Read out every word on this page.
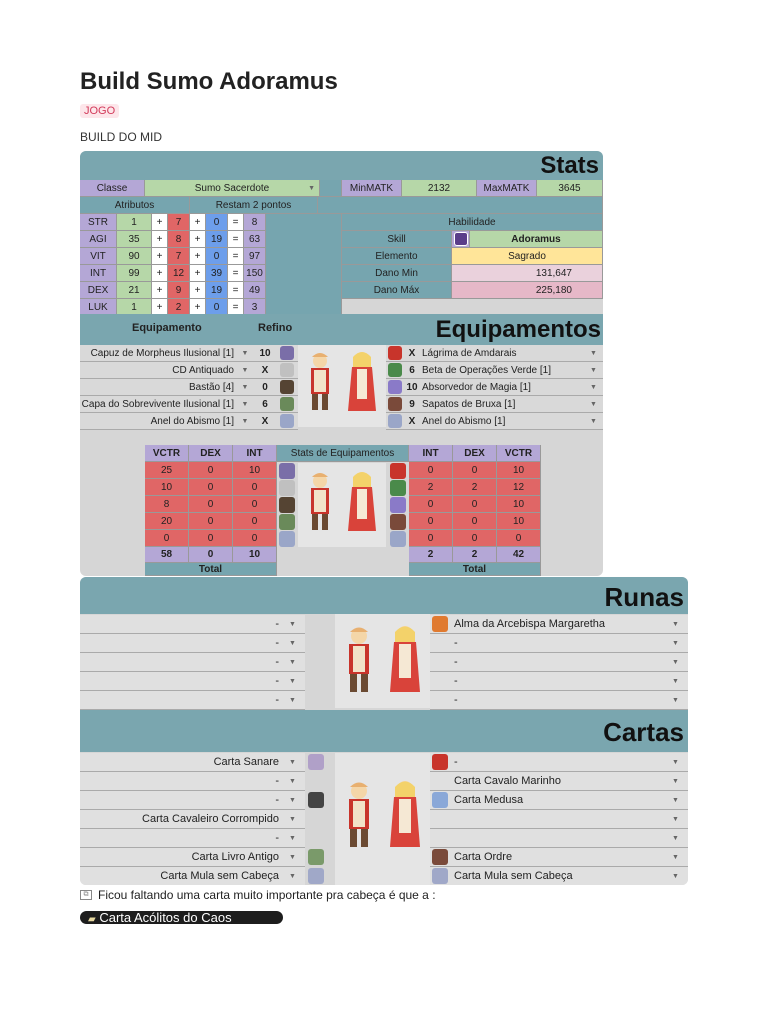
Build Sumo Adoramus
JOGO
BUILD DO MID
Stats
Classe	Sumo Sacerdote	▼	MinMATK	2132	MaxMATK	3645
Atributos	Restam 2 pontos
STR	1	+	7	+	0	=	8
AGI	35	+	8	+	19	=	63
VIT	90	+	7	+	0	=	97
INT	99	+	12	+	39	= 150
DEX	21	+	9	+	19	=	49
LUK	1	+	2	+	0	=	3
Habilidade
Skill	Adoramus
Elemento	Sagrado
Dano Min	131,647
Dano Máx	225,180
Equipamento	Refino	Equipamentos
Capuz de Morpheus Ilusional [1]	▼	10
CD Antiquado	▼	X
Bastão [4]	▼	0
Capa do Sobrevivente Ilusional [1]	▼	6
Anel do Abismo [1]	▼	X
X Lágrima de Amdarais	▼
6 Beta de Operações Verde [1]	▼
10 Absorvedor de Magia [1]	▼
9 Sapatos de Bruxa [1]	▼
X Anel do Abismo [1]	▼
Stats de Equipamentos
VCTR	DEX	INT
25	0	10
10	0	0
8	0	0
20	0	0
0	0	0
58	0	10
Total
INT	DEX	VCTR
0	0	10
2	2	12
0	0	10
0	0	10
0	0	0
2	2	42
Total
Runas
-	▼
-	▼
-	▼
-	▼
-	▼
Alma da Arcebispa Margaretha	▼
-	▼
-	▼
-	▼
-	▼
Cartas
Carta Sanare	▼
-	▼
-	▼
Carta Cavaleiro Corrompido	▼
-	▼
Carta Livro Antigo	▼
Carta Mula sem Cabeça	▼
-	▼
Carta Cavalo Marinho	▼
Carta Medusa	▼
▼
▼
Carta Ordre	▼
Carta Mula sem Cabeça	▼
⧉ Ficou faltando uma carta muito importante pra cabeça é que a :
▰ Carta Acólitos do Caos
